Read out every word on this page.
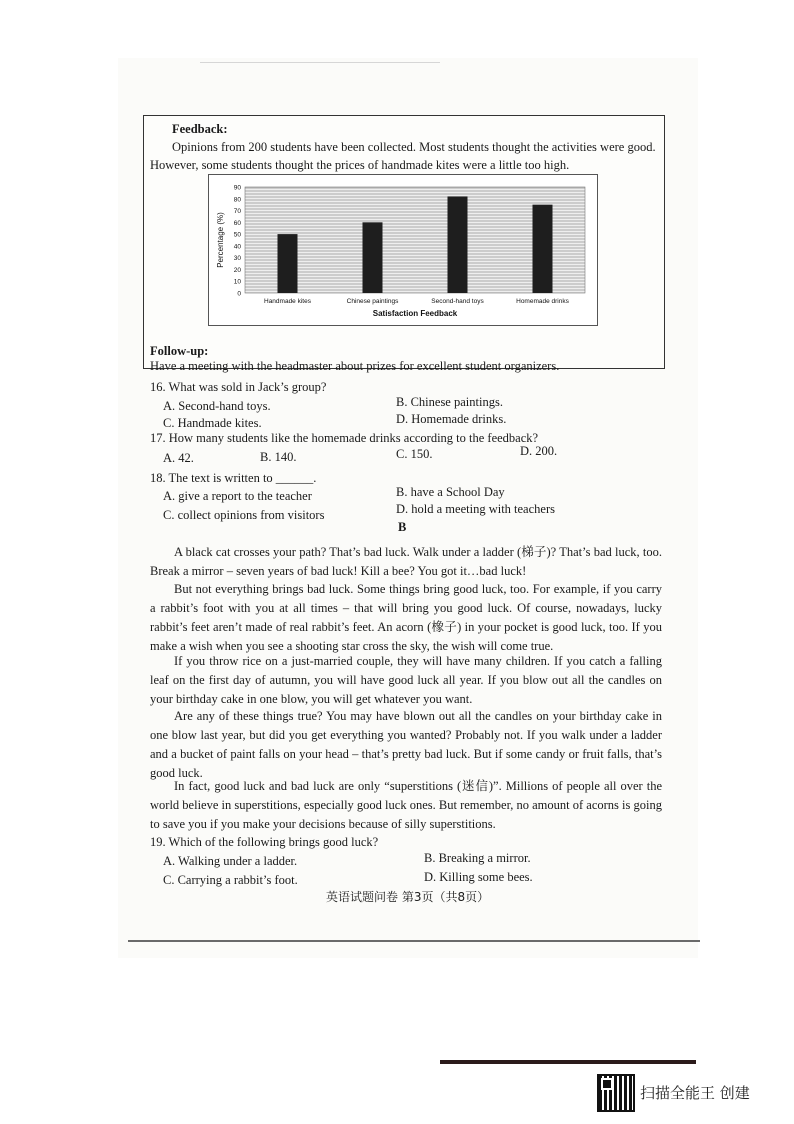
Feedback:
Opinions from 200 students have been collected. Most students thought the activities were good.
However, some students thought the prices of handmade kites were a little too high.
0
10
20
30
40
50
60
70
80
90
Handmade kites	Chinese paintings	Second-hand toys	Homemade drinks
Percentage (%)
Satisfaction Feedback
Follow-up:
Have a meeting with the headmaster about prizes for excellent student organizers.
16. What was sold in Jack’s group?
A. Second-hand toys.	B. Chinese paintings.
C. Handmade kites.	D. Homemade drinks.
17. How many students like the homemade drinks according to the feedback?
A. 42.	B. 140.	C. 150.	D. 200.
18. The text is written to ______.
A. give a report to the teacher	B. have a School Day
C. collect opinions from visitors	D. hold a meeting with teachers
B
A black cat crosses your path? That’s bad luck. Walk under a ladder (梯子)? That’s bad luck, too. Break a mirror – seven years of bad luck! Kill a bee? You got it…bad luck!
But not everything brings bad luck. Some things bring good luck, too. For example, if you carry a rabbit’s foot with you at all times – that will bring you good luck. Of course, nowadays, lucky rabbit’s feet aren’t made of real rabbit’s feet. An acorn (橡子) in your pocket is good luck, too. If you make a wish when you see a shooting star cross the sky, the wish will come true.
If you throw rice on a just-married couple, they will have many children. If you catch a falling leaf on the first day of autumn, you will have good luck all year. If you blow out all the candles on your birthday cake in one blow, you will get whatever you want.
Are any of these things true? You may have blown out all the candles on your birthday cake in one blow last year, but did you get everything you wanted? Probably not. If you walk under a ladder and a bucket of paint falls on your head – that’s pretty bad luck. But if some candy or fruit falls, that’s good luck.
In fact, good luck and bad luck are only “superstitions (迷信)”. Millions of people all over the world believe in superstitions, especially good luck ones. But remember, no amount of acorns is going to save you if you make your decisions because of silly superstitions.
19. Which of the following brings good luck?
A. Walking under a ladder.	B. Breaking a mirror.
C. Carrying a rabbit’s foot.	D. Killing some bees.
英语试题问卷 第3页（共8页）
扫描全能王 创建
